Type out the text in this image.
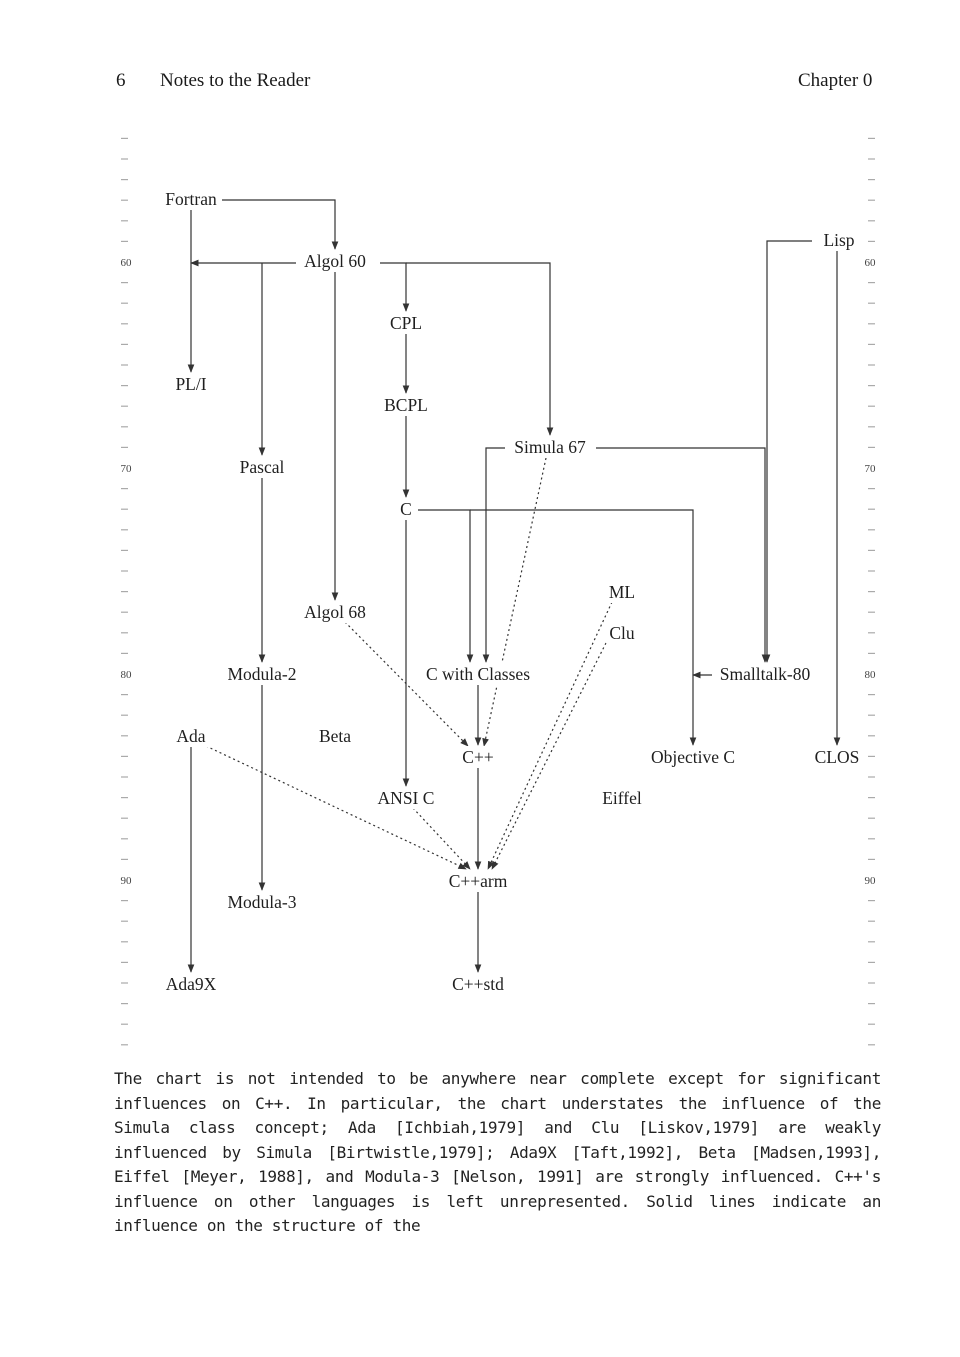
6 Notes to the Reader	Chapter 0
60	60
70	70
80	80
90	90
Fortran
Algol 60
Lisp
CPL
PL/I
BCPL
Simula 67
Pascal
C
ML
Algol 68
Clu
Modula-2	C with Classes	Smalltalk-80
Ada	Beta
C++	Objective C	CLOS
ANSI C	Eiffel
C++arm
Modula-3
Ada9X	C++std
The chart is not intended to be anywhere near complete except for significant influences on C++. In particular, the chart understates the influence of the Simula class concept; Ada [Ichbiah,1979] and Clu [Liskov,1979] are weakly influenced by Simula [Birtwistle,1979]; Ada9X [Taft,1992], Beta [Madsen,1993], Eiffel [Meyer, 1988], and Modula-3 [Nelson, 1991] are strongly influenced. C++'s influence on other languages is left unrepresented. Solid lines indicate an influence on the structure of the
